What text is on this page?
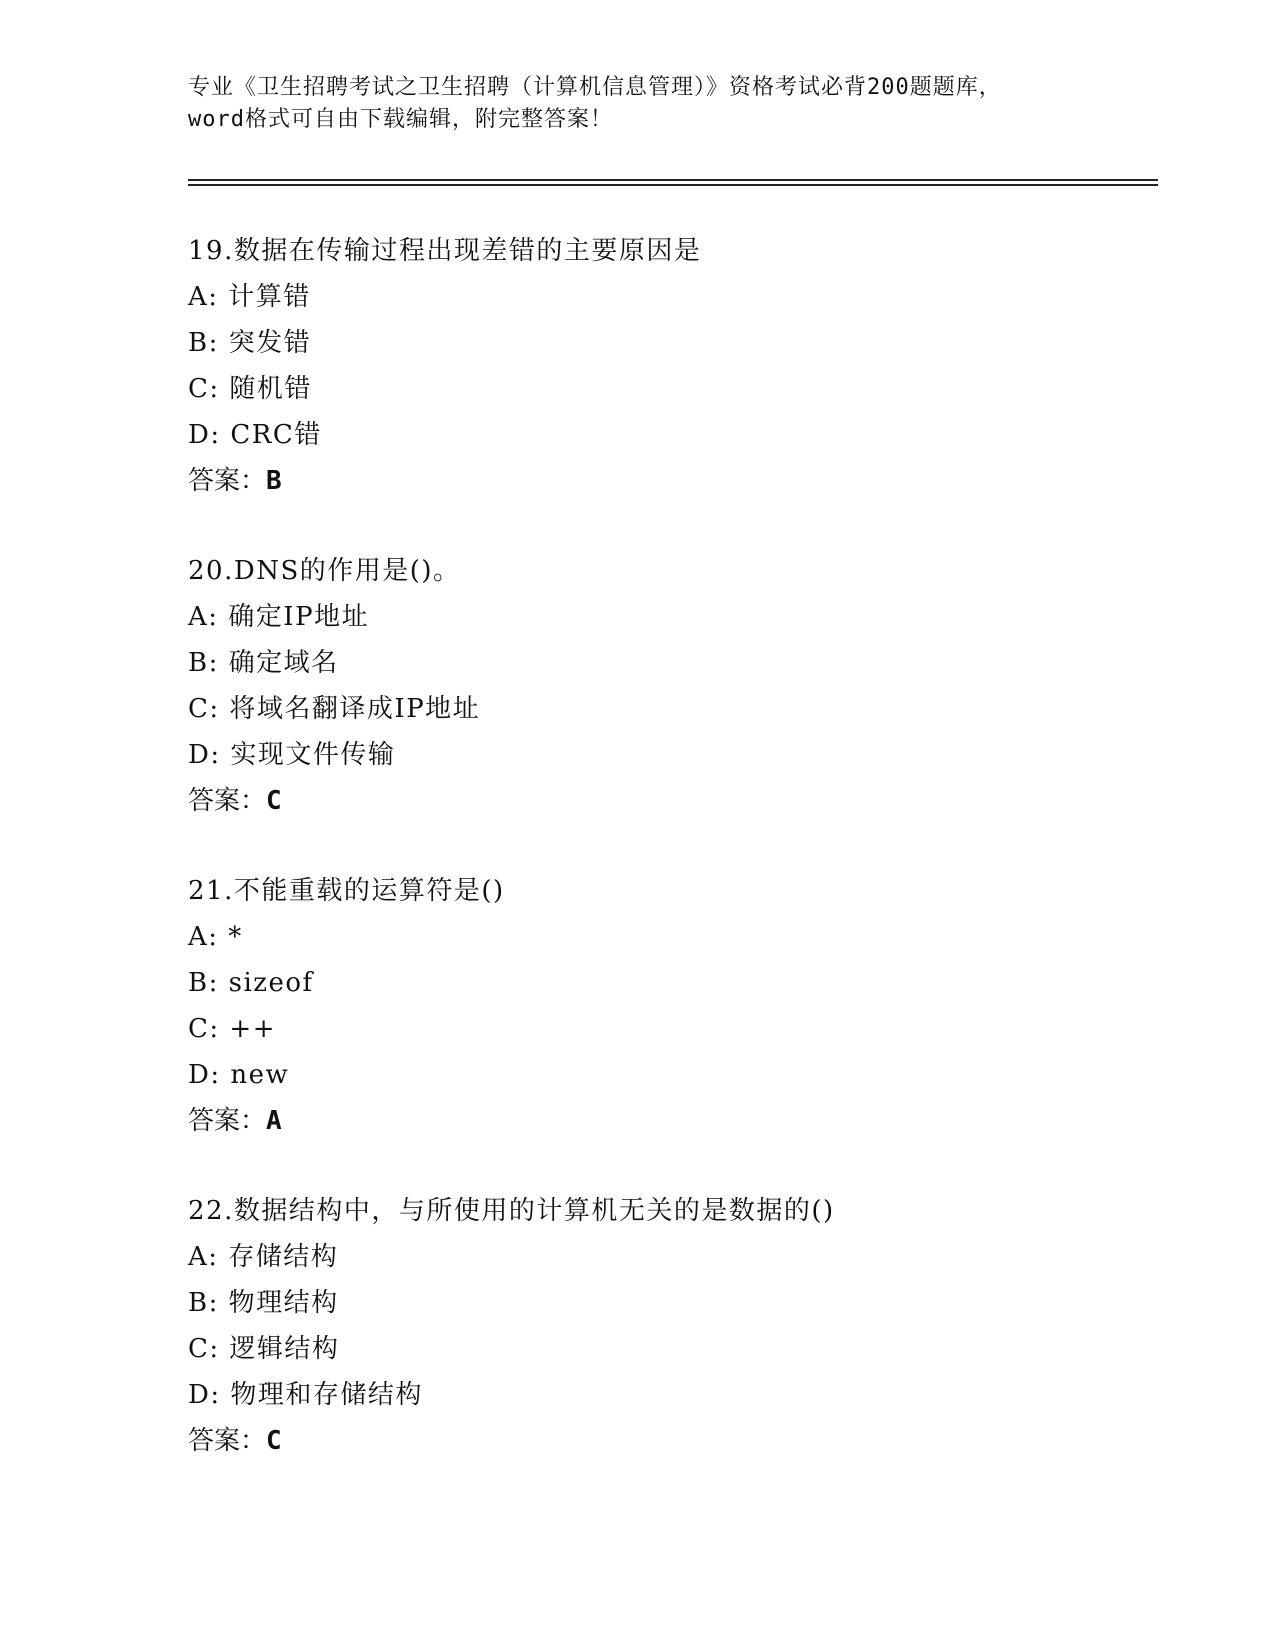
专业《卫生招聘考试之卫生招聘（计算机信息管理）》资格考试必背200题题库，
word格式可自由下载编辑，附完整答案！
19.数据在传输过程出现差错的主要原因是
A: 计算错
B: 突发错
C: 随机错
D: CRC错
答案：B
20.DNS的作用是()。
A: 确定IP地址
B: 确定域名
C: 将域名翻译成IP地址
D: 实现文件传输
答案：C
21.不能重载的运算符是()
A: *
B: sizeof
C: ++
D: new
答案：A
22.数据结构中，与所使用的计算机无关的是数据的()
A: 存储结构
B: 物理结构
C: 逻辑结构
D: 物理和存储结构
答案：C
